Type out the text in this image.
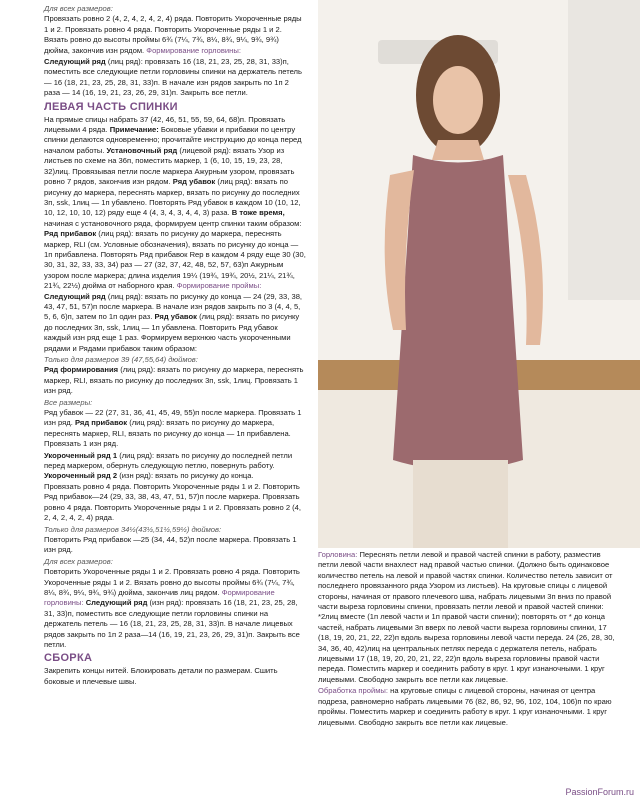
Для всех размеров:
Провязать ровно 2 (4, 2, 4, 2, 4, 2, 4) ряда. Повторить Укороченные ряды 1 и 2. Провязать ровно 4 ряда. Повторить Укороченные ряды 1 и 2. Вязать ровно до высоты проймы 6¾ (7¼, 7¾, 8¼, 8¾, 9¼, 9¾, 9¾) дюйма, закончив изн рядом. Формирование горловины:

Следующий ряд (лиц ряд): провязать 16 (18, 21, 23, 25, 28, 31, 33)п, поместить все следующие петли горловины спинки на держатель петель — 16 (18, 21, 23, 25, 28, 31, 33)п. В начале изн рядов закрыть по 1п 2 раза — 14 (16, 19, 21, 23, 26, 29, 31)п. Закрыть все петли.

ЛЕВАЯ ЧАСТЬ СПИНКИ

На прямые спицы набрать 37 (42, 46, 51, 55, 59, 64, 68)п. Провязать лицевыми 4 ряда. Примечание: Боковые убавки и прибавки по центру спинки делаются одновременно; прочитайте инструкцию до конца перед началом работы. Установочный ряд (лицевой ряд): вязать Узор из листьев по схеме на 36п, поместить маркер, 1 (6, 10, 15, 19, 23, 28, 32)лиц. Провязывая петли после маркера Ажурным узором, провязать ровно 7 рядов, закончив изн рядом. Ряд убавок (лиц ряд): вязать по рисунку до маркера, переснять маркер, вязать по рисунку до последних 3п, ssk, 1лиц — 1п убавлено. Повторять Ряд убавок в каждом 10 (10, 12, 10, 12, 10, 10, 12) ряду еще 4 (4, 3, 4, 3, 4, 4, 3) раза. В тоже время, начиная с установочного ряда, формируем центр спинки таким образом: Ряд прибавок (лиц ряд): вязать по рисунку до маркера, переснять маркер, RLI (см. Условные обозначения), вязать по рисунку до конца — 1п прибавлена. Повторять Ряд прибавок Rep в каждом 4 ряду еще 30 (30, 30, 31, 32, 33, 33, 34) раз — 27 (32, 37, 42, 48, 52, 57, 63)п Ажурным узором после маркера; длина изделия 19¼ (19¾, 19¾, 20½, 21¼, 21¾, 21¾, 22½) дюйма от наборного края. Формирование проймы: Следующий ряд (лиц ряд): вязать по рисунку до конца — 24 (29, 33, 38, 43, 47, 51, 57)п после маркера. В начале изн рядов закрыть по 3 (4, 4, 5, 5, 6, 6)п, затем по 1п один раз. Ряд убавок (лиц ряд): вязать по рисунку до последних 3п, ssk, 1лиц — 1п убавлена. Повторить Ряд убавок каждый изн ряд еще 1 раз. Формируем верхнюю часть укороченными рядами и Рядами прибавок таким образом:

Только для размеров 39 (47,55,64) дюймов:
Ряд формирования (лиц ряд): вязать по рисунку до маркера, переснять маркер, RLI, вязать по рисунку до последних 3п, ssk, 1лиц. Провязать 1 изн ряд.

Все размеры:
Ряд убавок — 22 (27, 31, 36, 41, 45, 49, 55)п после маркера. Провязать 1 изн ряд. Ряд прибавок (лиц ряд): вязать по рисунку до маркера, переснять маркер, RLI, вязать по рисунку до конца — 1п прибавлена. Провязать 1 изн ряд.

Укороченный ряд 1 (лиц ряд): вязать по рисунку до последней петли перед маркером, обернуть следующую петлю, повернуть работу. Укороченный ряд 2 (изн ряд): вязать по рисунку до конца.
Провязать ровно 4 ряда. Повторить Укороченные ряды 1 и 2. Повторить Ряд прибавок—24 (29, 33, 38, 43, 47, 51, 57)п после маркера. Провязать ровно 4 ряда. Повторить Укороченные ряды 1 и 2. Провязать ровно 2 (4, 2, 4, 2, 4, 2, 4) ряда.

Только для размеров 34½(43½,51½,59½) дюймов:
Повторить Ряд прибавок —25 (34, 44, 52)п после маркера. Провязать 1 изн ряд.

Для всех размеров:
Повторить Укороченные ряды 1 и 2. Провязать ровно 4 ряда. Повторить Укороченные ряды 1 и 2. Вязать ровно до высоты проймы 6¾ (7¼, 7¾, 8¼, 8¾, 9¼, 9¾, 9¾) дюйма, закончив лиц рядом. Формирование горловины: Следующий ряд (изн ряд): провязать 16 (18, 21, 23, 25, 28, 31, 33)п, поместить все следующие петли горловины спинки на держатель петель — 16 (18, 21, 23, 25, 28, 31, 33)п. В начале лицевых рядов закрыть по 1п 2 раза—14 (16, 19, 21, 23, 26, 29, 31)п. Закрыть все петли.

СБОРКА

Закрепить концы нитей. Блокировать детали по размерам. Сшить боковые и плечевые швы.

Горловина: Переснять петли левой и правой частей спинки в работу, разместив петли левой части внахлест над правой частью спинки. (Должно быть одинаковое количество петель на левой и правой частях спинки. Количество петель зависит от последнего провязанного ряда Узором из листьев). На круговые спицы с лицевой стороны, начиная от правого плечевого шва, набрать лицевыми 3п вниз по правой части выреза горловины спинки, провязать петли левой и правой частей спинки: *2лиц вместе (1п левой части и 1п правой части спинки); повторять от * до конца частей, набрать лицевыми 3п вверх по левой части выреза горловины спинки, 17 (18, 19, 20, 21, 22, 22)п вдоль выреза горловины левой части переда. 24 (26, 28, 30, 34, 36, 40, 42)лиц на центральных петлях переда с держателя петель, набрать лицевыми 17 (18, 19, 20, 20, 21, 22, 22)п вдоль выреза горловины правой части переда. Поместить маркер и соединить работу в круг. 1 круг изнаночными. 1 круг лицевыми. Свободно закрыть все петли как лицевые.

Обработка проймы: на круговые спицы с лицевой стороны, начиная от центра подреза, равномерно набрать лицевыми 76 (82, 86, 92, 96, 102, 104, 106)п по краю проймы. Поместить маркер и соединить работу в круг. 1 круг изнаночными. 1 круг лицевыми. Свободно закрыть все петли как лицевые.

PassionForum.ru
